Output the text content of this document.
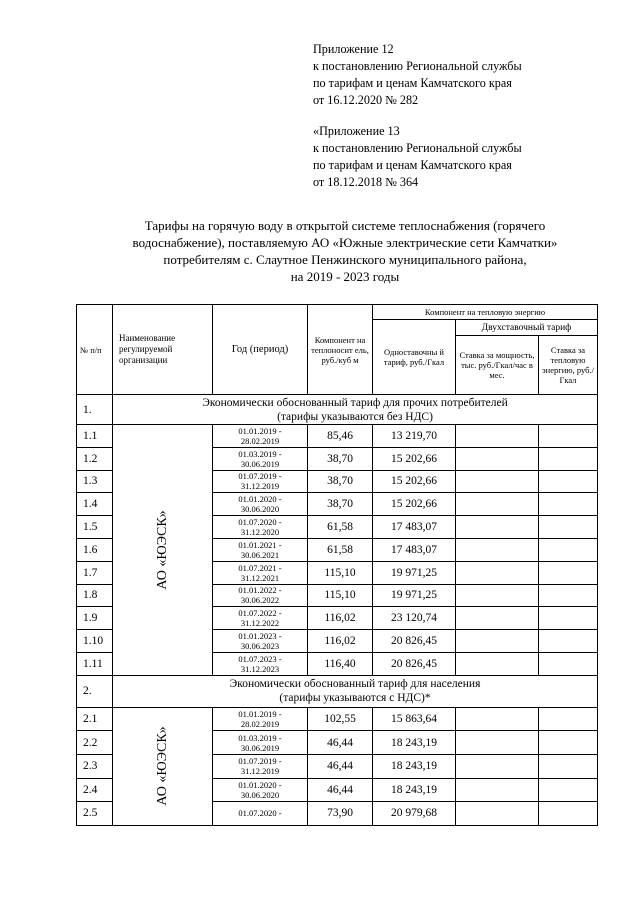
Приложение 12
к постановлению Региональной службы
по тарифам и ценам Камчатского края
от 16.12.2020 № 282
«Приложение 13
к постановлению Региональной службы
по тарифам и ценам Камчатского края
от 18.12.2018 № 364
Тарифы на горячую воду в открытой системе теплоснабжения (горячего
водоснабжение), поставляемую АО «Южные электрические сети Камчатки»
потребителям с. Слаутное Пенжинского муниципального района,
на 2019 - 2023 годы
№ п/п	Наименование регулируемой организации	Год (период)	Компонент на теплоносит ель, руб./куб м	Компонент на тепловую энергию		
				Одноставочны й тариф, руб./Гкал	Двухставочный тариф	
					Ставка за мощность, тыс. руб./Гкал/час в мес.	Ставка за тепловую энергию, руб./Гкал
1.	Экономически обоснованный тариф для прочих потребителей
(тарифы указываются без НДС)					

1.1	АО «ЮЭСК»	01.01.2019 -
28.02.2019	85,46	13 219,70		
1.2		01.03.2019 -
30.06.2019	38,70	15 202,66		
1.3		01.07.2019 -
31.12.2019	38,70	15 202,66		
1.4		01.01.2020 -
30.06.2020	38,70	15 202,66		
1.5		01.07.2020 -
31.12.2020	61,58	17 483,07		
1.6		01.01.2021 -
30.06.2021	61,58	17 483,07		
1.7		01.07.2021 -
31.12.2021	115,10	19 971,25		
1.8		01.01.2022 -
30.06.2022	115,10	19 971,25		
1.9		01.07.2022 -
31.12.2022	116,02	23 120,74		
1.10		01.01.2023 -
30.06.2023	116,02	20 826,45		
1.11		01.07.2023 -
31.12.2023	116,40	20 826,45		
2.	Экономически обоснованный тариф для населения
(тарифы указываются с НДС)*					

2.1	АО «ЮЭСК»	01.01.2019 -
28.02.2019	102,55	15 863,64		
2.2		01.03.2019 -
30.06.2019	46,44	18 243,19		
2.3		01.07.2019 -
31.12.2019	46,44	18 243,19		
2.4		01.01.2020 -
30.06.2020	46,44	18 243,19		
2.5		01.07.2020 -	73,90	20 979,68		
